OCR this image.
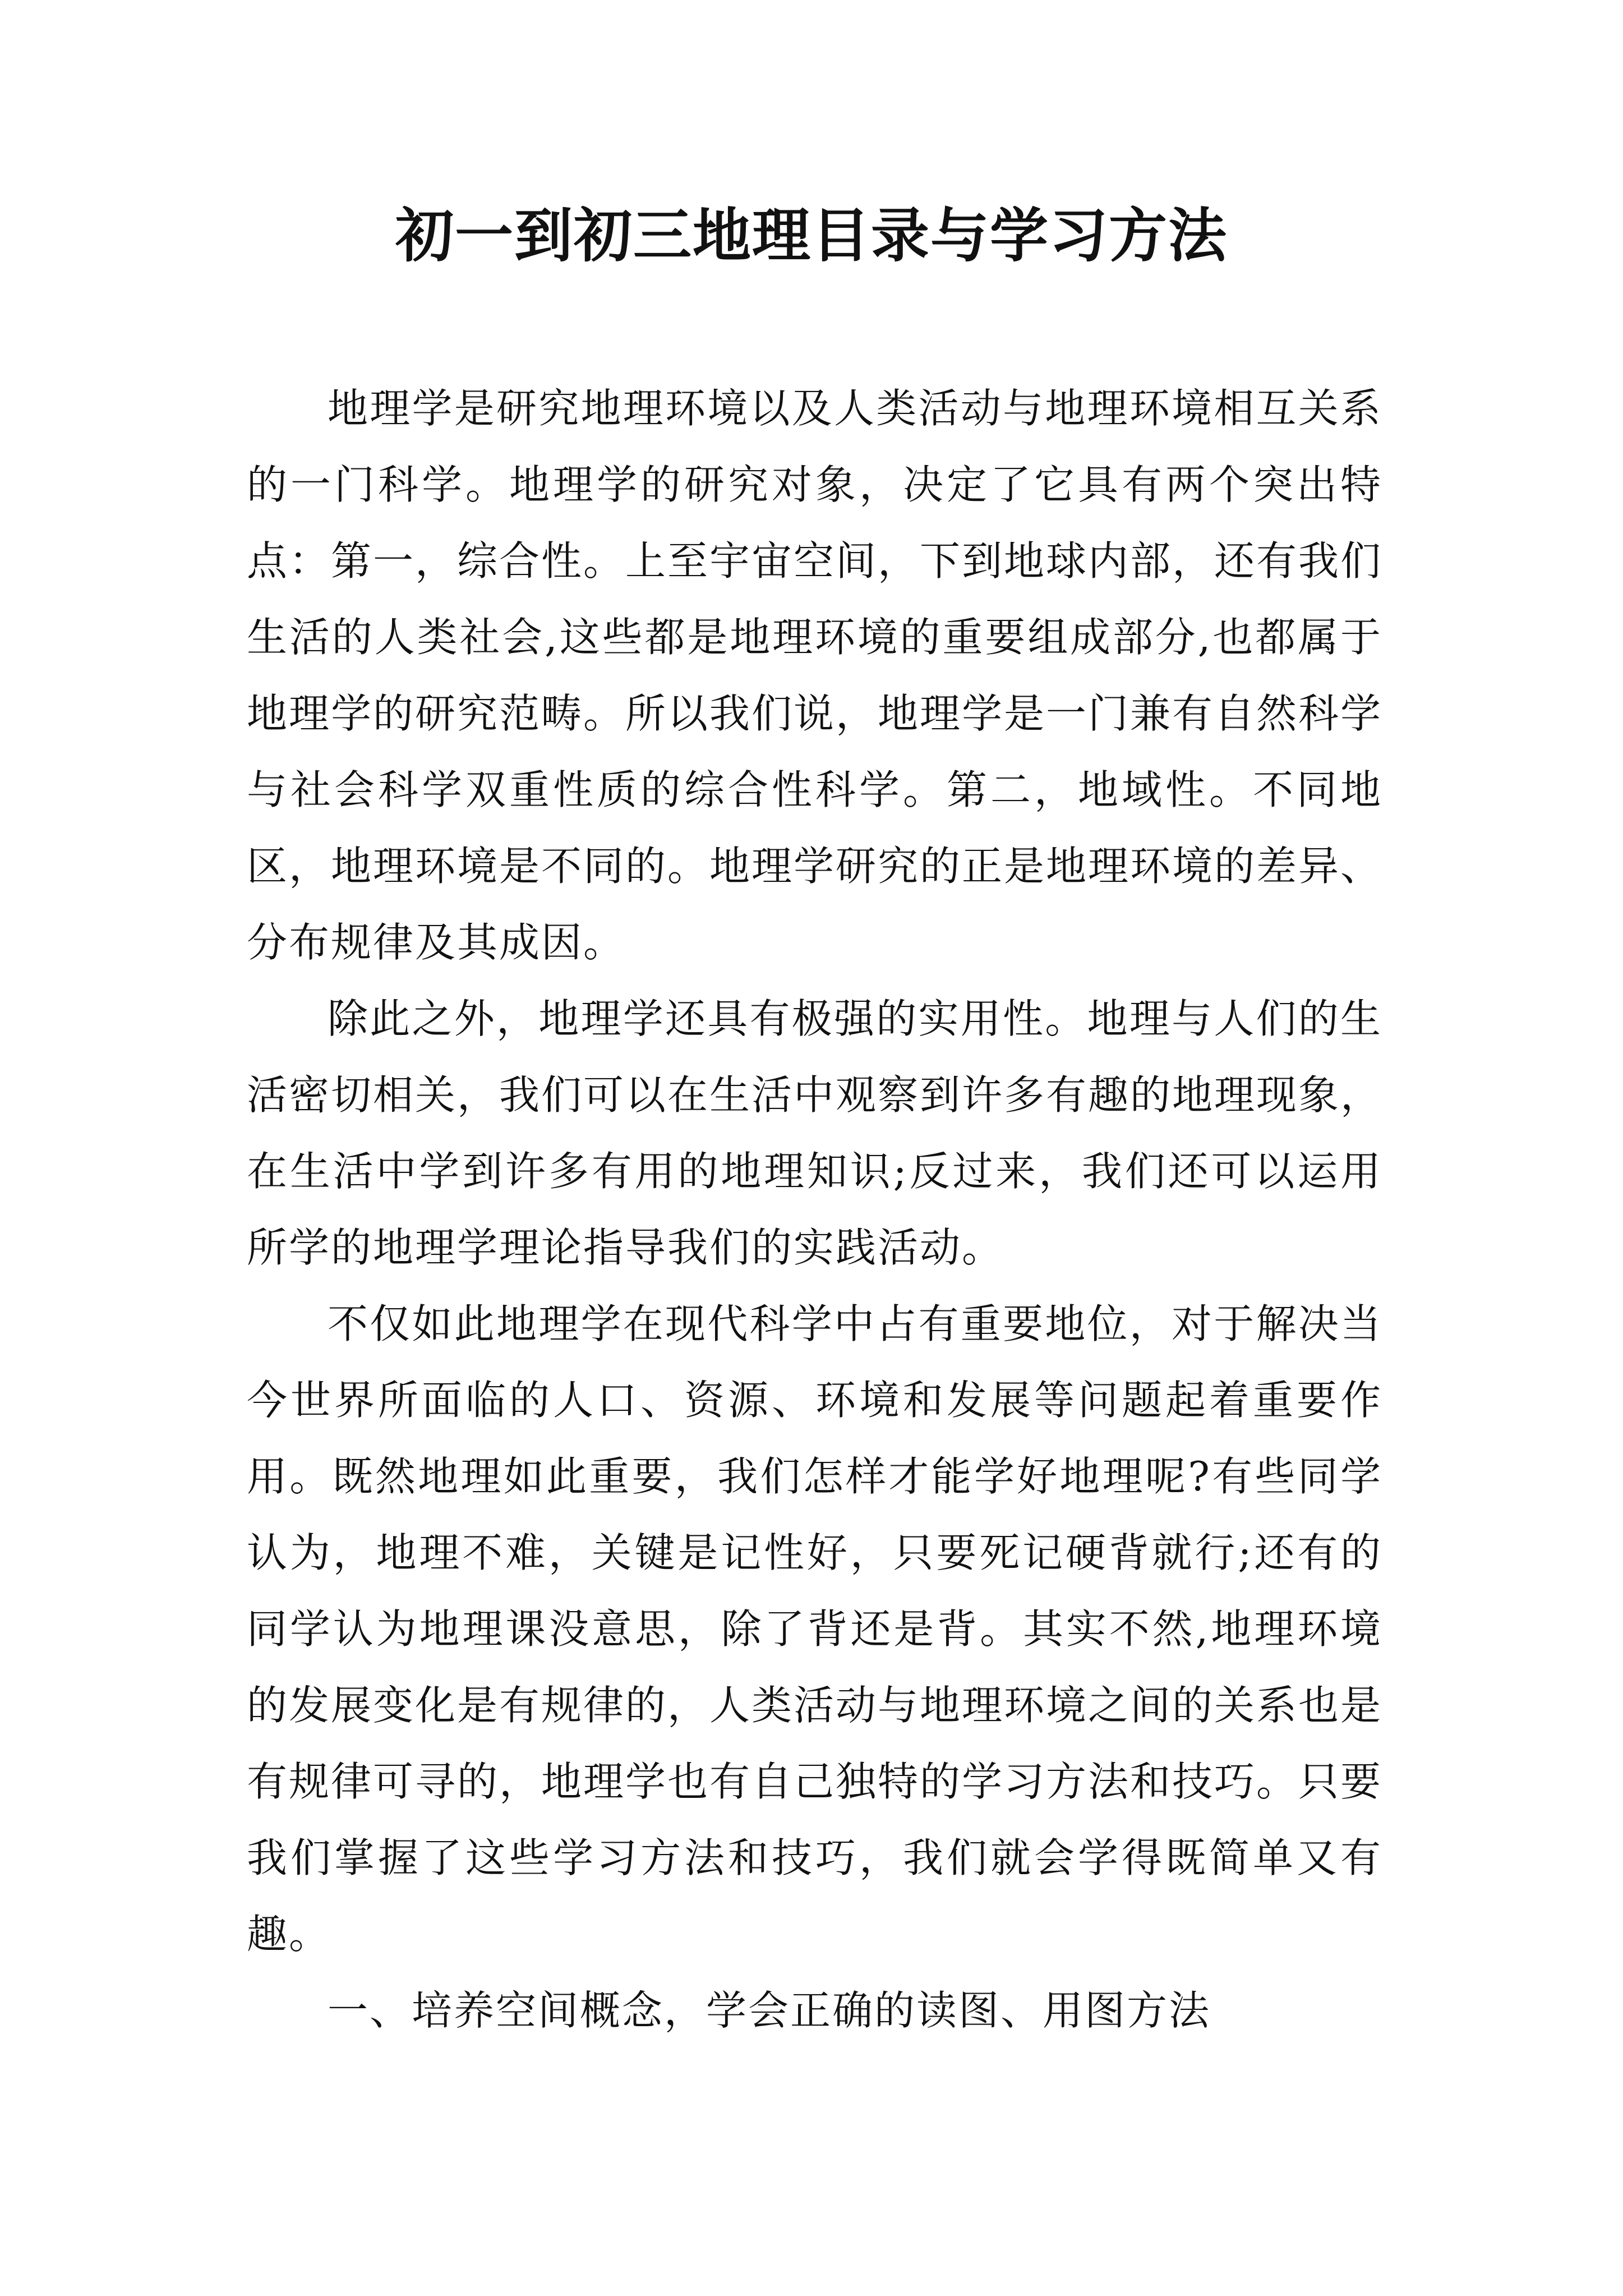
初一到初三地理目录与学习方法

地理学是研究地理环境以及人类活动与地理环境相互关系的一门科学。地理学的研究对象，决定了它具有两个突出特点：第一，综合性。上至宇宙空间，下到地球内部，还有我们生活的人类社会,这些都是地理环境的重要组成部分,也都属于地理学的研究范畴。所以我们说，地理学是一门兼有自然科学与社会科学双重性质的综合性科学。第二，地域性。不同地区，地理环境是不同的。地理学研究的正是地理环境的差异、分布规律及其成因。

除此之外，地理学还具有极强的实用性。地理与人们的生活密切相关，我们可以在生活中观察到许多有趣的地理现象，在生活中学到许多有用的地理知识;反过来，我们还可以运用所学的地理学理论指导我们的实践活动。

不仅如此地理学在现代科学中占有重要地位，对于解决当今世界所面临的人口、资源、环境和发展等问题起着重要作用。既然地理如此重要，我们怎样才能学好地理呢?有些同学认为，地理不难，关键是记性好，只要死记硬背就行;还有的同学认为地理课没意思，除了背还是背。其实不然,地理环境的发展变化是有规律的，人类活动与地理环境之间的关系也是有规律可寻的，地理学也有自己独特的学习方法和技巧。只要我们掌握了这些学习方法和技巧，我们就会学得既简单又有趣。

一、培养空间概念，学会正确的读图、用图方法
